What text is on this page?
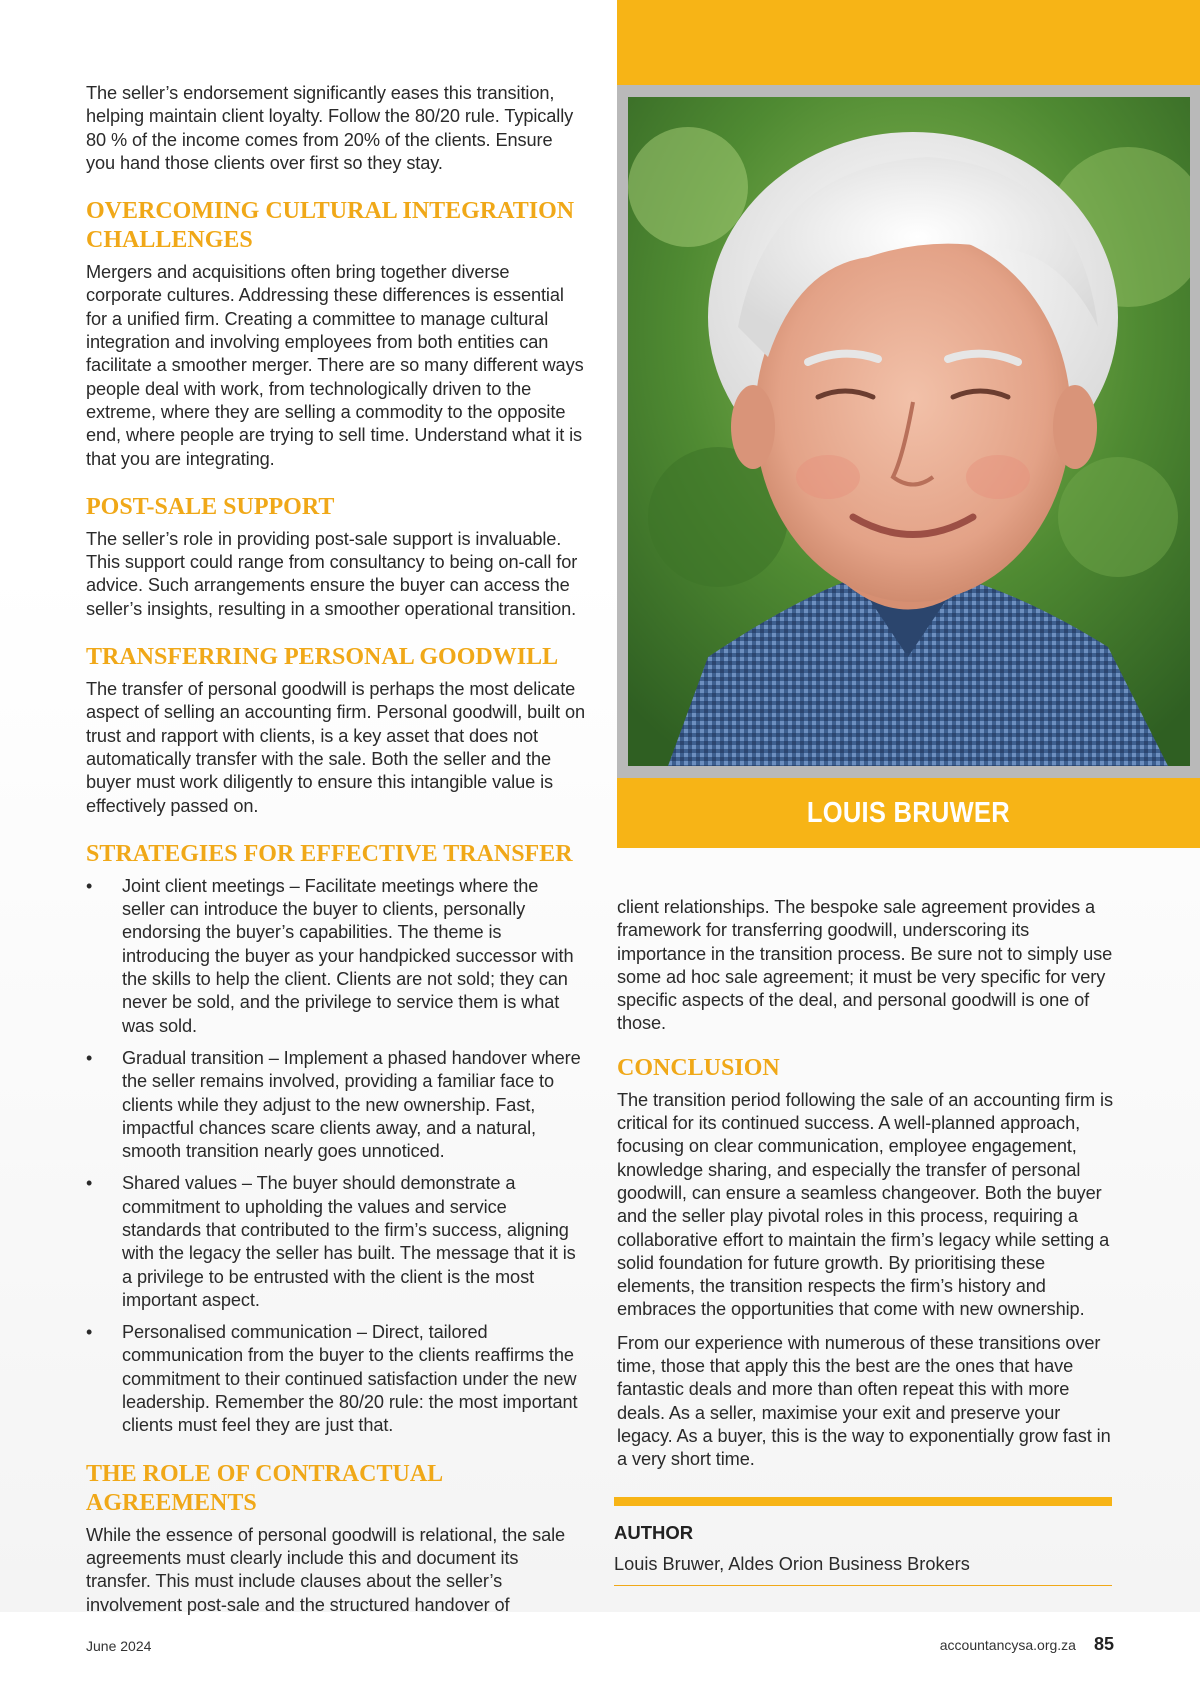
The seller’s endorsement significantly eases this transition, helping maintain client loyalty. Follow the 80/20 rule. Typically 80 % of the income comes from 20% of the clients. Ensure you hand those clients over first so they stay.

OVERCOMING CULTURAL INTEGRATION CHALLENGES

Mergers and acquisitions often bring together diverse corporate cultures. Addressing these differences is essential for a unified firm. Creating a committee to manage cultural integration and involving employees from both entities can facilitate a smoother merger. There are so many different ways people deal with work, from technologically driven to the extreme, where they are selling a commodity to the opposite end, where people are trying to sell time. Understand what it is that you are integrating.

POST-SALE SUPPORT

The seller’s role in providing post-sale support is invaluable. This support could range from consultancy to being on-call for advice. Such arrangements ensure the buyer can access the seller’s insights, resulting in a smoother operational transition.

TRANSFERRING PERSONAL GOODWILL

The transfer of personal goodwill is perhaps the most delicate aspect of selling an accounting firm. Personal goodwill, built on trust and rapport with clients, is a key asset that does not automatically transfer with the sale. Both the seller and the buyer must work diligently to ensure this intangible value is effectively passed on.

STRATEGIES FOR EFFECTIVE TRANSFER
• Joint client meetings – Facilitate meetings where the seller can introduce the buyer to clients, personally endorsing the buyer’s capabilities. The theme is introducing the buyer as your handpicked successor with the skills to help the client. Clients are not sold; they can never be sold, and the privilege to service them is what was sold.
• Gradual transition – Implement a phased handover where the seller remains involved, providing a familiar face to clients while they adjust to the new ownership. Fast, impactful chances scare clients away, and a natural, smooth transition nearly goes unnoticed.
• Shared values – The buyer should demonstrate a commitment to upholding the values and service standards that contributed to the firm’s success, aligning with the legacy the seller has built. The message that it is a privilege to be entrusted with the client is the most important aspect.
• Personalised communication – Direct, tailored communication from the buyer to the clients reaffirms the commitment to their continued satisfaction under the new leadership. Remember the 80/20 rule: the most important clients must feel they are just that.
THE ROLE OF CONTRACTUAL AGREEMENTS

While the essence of personal goodwill is relational, the sale agreements must clearly include this and document its transfer. This must include clauses about the seller’s involvement post-sale and the structured handover of

LOUIS BRUWER

client relationships. The bespoke sale agreement provides a framework for transferring goodwill, underscoring its importance in the transition process. Be sure not to simply use some ad hoc sale agreement; it must be very specific for very specific aspects of the deal, and personal goodwill is one of those.

CONCLUSION

The transition period following the sale of an accounting firm is critical for its continued success. A well-planned approach, focusing on clear communication, employee engagement, knowledge sharing, and especially the transfer of personal goodwill, can ensure a seamless changeover. Both the buyer and the seller play pivotal roles in this process, requiring a collaborative effort to maintain the firm’s legacy while setting a solid foundation for future growth. By prioritising these elements, the transition respects the firm’s history and embraces the opportunities that come with new ownership.

From our experience with numerous of these transitions over time, those that apply this the best are the ones that have fantastic deals and more than often repeat this with more deals. As a seller, maximise your exit and preserve your legacy. As a buyer, this is the way to exponentially grow fast in a very short time.

AUTHOR
Louis Bruwer, Aldes Orion Business Brokers
June 2024	accountancysa.org.za 85
